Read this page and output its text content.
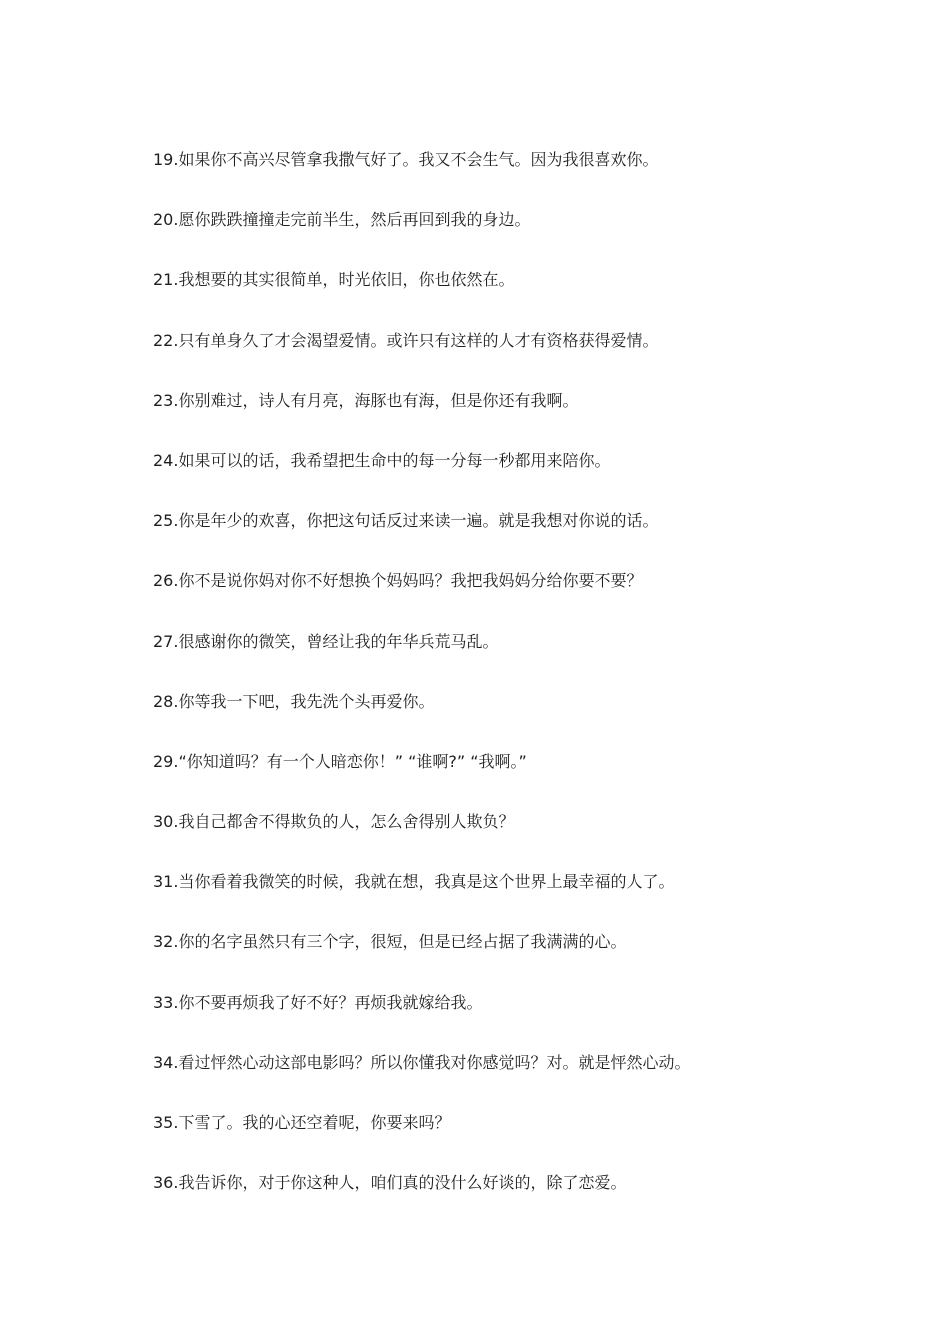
19.如果你不高兴尽管拿我撒气好了。我又不会生气。因为我很喜欢你。
20.愿你跌跌撞撞走完前半生，然后再回到我的身边。
21.我想要的其实很简单，时光依旧，你也依然在。
22.只有单身久了才会渴望爱情。或许只有这样的人才有资格获得爱情。
23.你别难过，诗人有月亮，海豚也有海，但是你还有我啊。
24.如果可以的话，我希望把生命中的每一分每一秒都用来陪你。
25.你是年少的欢喜，你把这句话反过来读一遍。就是我想对你说的话。
26.你不是说你妈对你不好想换个妈妈吗？我把我妈妈分给你要不要？
27.很感谢你的微笑，曾经让我的年华兵荒马乱。
28.你等我一下吧，我先洗个头再爱你。
29.“你知道吗？有一个人暗恋你！” “谁啊?” “我啊。”
30.我自己都舍不得欺负的人，怎么舍得别人欺负？
31.当你看着我微笑的时候，我就在想，我真是这个世界上最幸福的人了。
32.你的名字虽然只有三个字，很短，但是已经占据了我满满的心。
33.你不要再烦我了好不好？再烦我就嫁给我。
34.看过怦然心动这部电影吗？所以你懂我对你感觉吗？对。就是怦然心动。
35.下雪了。我的心还空着呢，你要来吗？
36.我告诉你，对于你这种人，咱们真的没什么好谈的，除了恋爱。
